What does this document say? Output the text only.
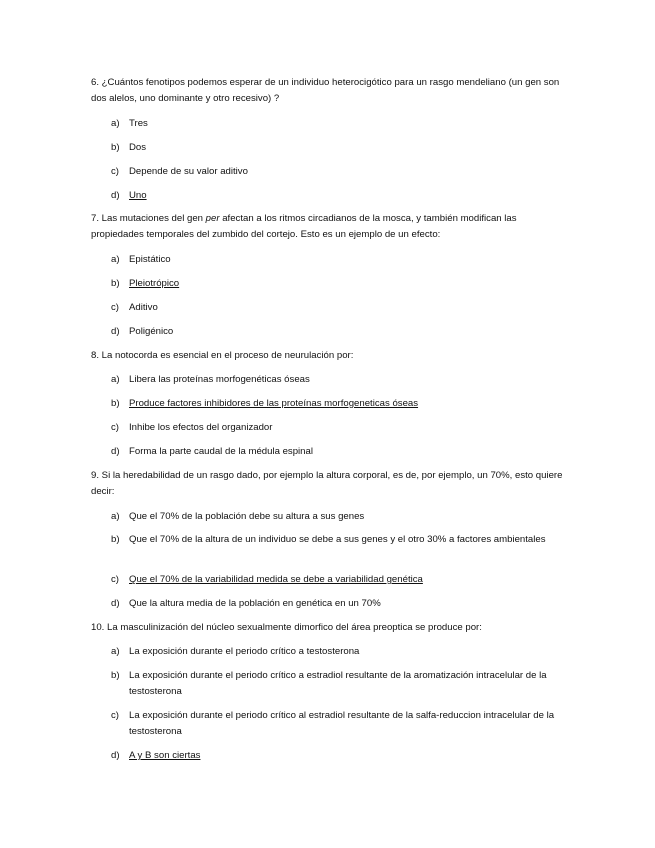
6. ¿Cuántos fenotipos podemos esperar de un individuo heterocigótico para un rasgo mendeliano (un gen son dos alelos, uno dominante y otro recesivo) ?
a) Tres
b) Dos
c) Depende de su valor aditivo
d) Uno
7. Las mutaciones del gen per afectan a los ritmos circadianos de la mosca, y también modifican las propiedades temporales del zumbido del cortejo. Esto es un ejemplo de un efecto:
a) Epistático
b) Pleiotrópico
c) Aditivo
d) Poligénico
8. La notocorda es esencial en el proceso de neurulación por:
a) Libera las proteínas morfogenéticas óseas
b) Produce factores inhibidores de las proteínas morfogeneticas óseas
c) Inhibe los efectos del organizador
d) Forma la parte caudal de la médula espinal
9. Si la heredabilidad de un rasgo dado, por ejemplo la altura corporal, es de, por ejemplo, un 70%, esto quiere decir:
a) Que el 70% de la población debe su altura a sus genes
b) Que el 70% de la altura de un individuo se debe a sus genes y el otro 30% a factores ambientales
c) Que el 70% de la variabilidad medida se debe a variabilidad genética
d) Que la altura media de la población en genética en un 70%
10. La masculinización del núcleo sexualmente dimorfico del área preoptica se produce por:
a) La exposición durante el periodo crítico a testosterona
b) La exposición durante el periodo crítico a estradiol resultante de la aromatización intracelular de la testosterona
c) La exposición durante el periodo crítico al estradiol resultante de la salfa-reduccion intracelular de la testosterona
d) A y B son ciertas
